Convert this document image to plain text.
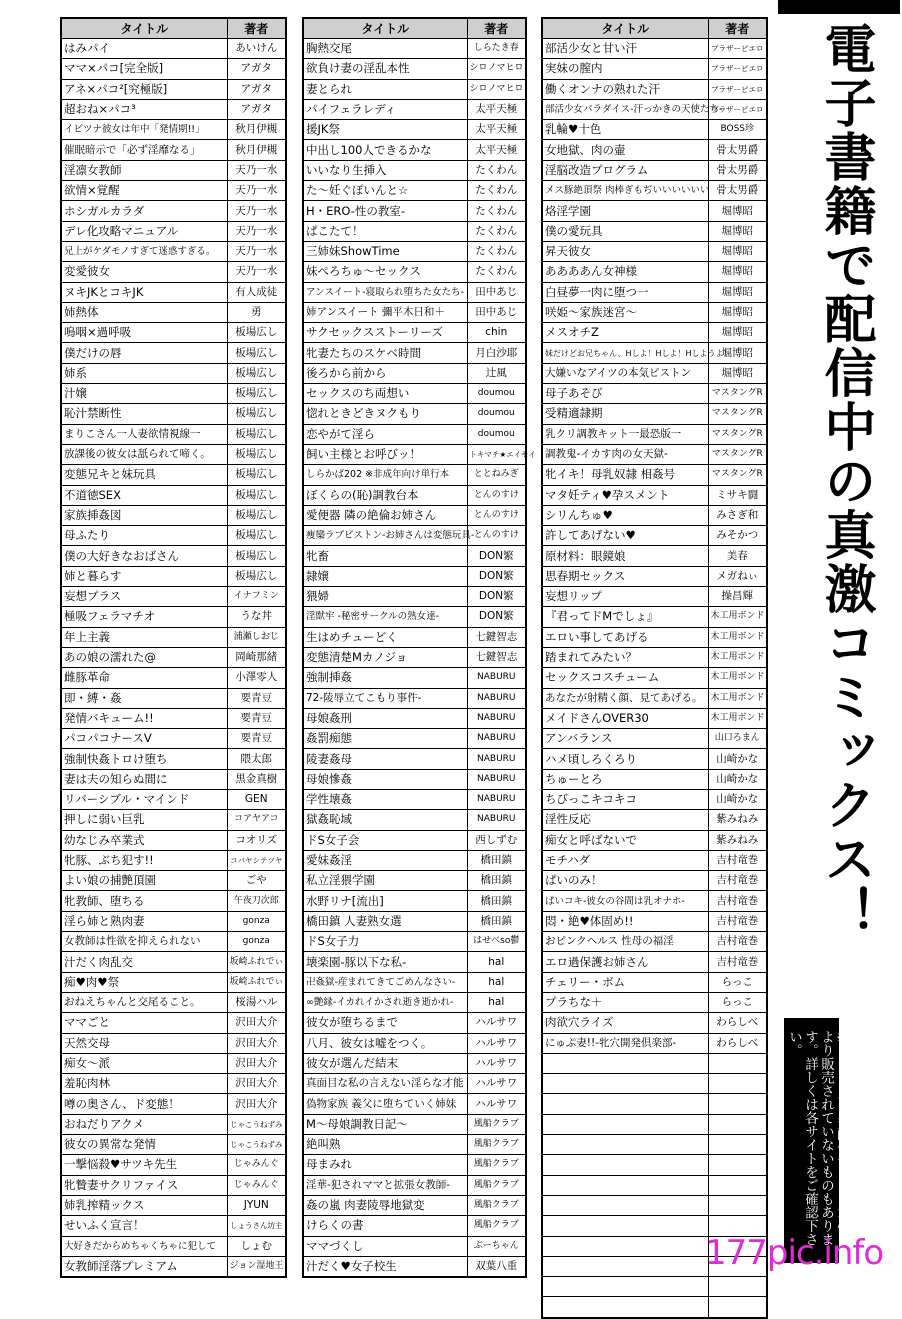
タイトル	著者
はみパイ	あいけん
ママ×パコ[完全版]	アガタ
アネ×パコ²[究極版]	アガタ
超おね×パコ³	アガタ
イビツナ彼女は年中「発情期!!」	秋月伊槻
催眠暗示で「必ず淫靡なる」	秋月伊槻
淫凛女教師	天乃一水
欲情×覚醒	天乃一水
ホシガルカラダ	天乃一水
デレ化攻略マニュアル	天乃一水
兄上がケダモノすぎて迷惑すぎる。	天乃一水
変愛彼女	天乃一水
ヌキJKとコキJK	有人成徒
姉熱体	勇
嗚咽×過呼吸	板場広し
僕だけの唇	板場広し
姉系	板場広し
汁嬢	板場広し
恥汁禁断性	板場広し
まりこさん一人妻欲情視線一	板場広し
放課後の彼女は舐られて啼く。	板場広し
変態兄キと妹玩具	板場広し
不道徳SEX	板場広し
家族挿姦図	板場広し
母ふたり	板場広し
僕の大好きなおばさん	板場広し
姉と暮らす	板場広し
妄想プラス	イナフミン
極吸フェラマチオ	うな丼
年上主義	浦瀬しおじ
あの娘の濡れた@	岡崎那緒
雌豚革命	小澤零人
即・縛・姦	要青豆
発情バキューム!!	要青豆
パコパコナースV	要青豆
強制快姦トロけ堕ち	隈太郎
妻は夫の知らぬ間に	黒金真樹
リバーシブル・マインド	GEN
押しに弱い巨乳	コアヤアコ
幼なじみ卒業式	コオリズ
牝豚、ぶち犯す!!	コバヤシテツヤ
よい娘の捕艶頂園	ごや
牝教師、堕ちる	午夜刀次郎
淫ら姉と熟肉妻	gonza
女教師は性欲を抑えられない	gonza
汁だく肉乱交	坂崎ふれでぃ
痴♥肉♥祭	坂崎ふれでぃ
おねえちゃんと交尾ること。	桜湯ハル
ママごと	沢田大介
天然交母	沢田大介
痴女～派	沢田大介
羞恥肉林	沢田大介
噂の奥さん、ド変態！	沢田大介
おねだりアクメ	じゃこうねずみ
彼女の異常な発情	じゃこうねずみ
一撃悩殺♥サツキ先生	じゃみんぐ
牝贄妻サクリファイス	じゃみんぐ
姉乳搾精ックス	JYUN
せいふく宣言！	しょうさん坊主
大好きだからめちゃくちゃに犯して	しょむ
女教師淫落プレミアム	ジョン湿地王
タイトル	著者
胸熱交尾	しらたき春
欲負け妻の淫乱本性	シロノマヒロ
妻とられ	シロノマヒロ
パイフェラレディ	太平天極
援JK祭	太平天極
中出し100人できるかな	太平天極
いいなり生挿入	たくわん
た～妊ぐぽいんと☆	たくわん
H・ERO-性の教室-	たくわん
ぱこたて！	たくわん
三姉妹ShowTime	たくわん
妹ぺろちゅ～セックス	たくわん
アンスイート-寝取られ堕ちた女たち-	田中あじ
姉アンスイート 彌平木日和＋	田中あじ
サクセックスストーリーズ	chin
牝妻たちのスケベ時間	月白沙耶
後ろから前から	辻風
セックスのち両想い	doumou
惚れときどきヌクもり	doumou
恋やがて淫ら	doumou
飼い主様とお呼びッ！	トキマチ★エイセイ
しらかば202 ※非成年向け単行本	ととねみぎ
ぼくらの(恥)調教台本	とんのすけ
愛便器 隣の絶倫お姉さん	とんのすけ
痩欒ラブビストン-お姉さんは変態玩具-	とんのすけ
牝畜	DON繁
隷嬢	DON繁
猥婦	DON繁
淫獣牢 -秘密サークルの熟女達-	DON繁
生はめチューどく	七鍵智志
変態清楚Mカノジョ	七鍵智志
強制挿姦	NABURU
72-陵辱立てこもり事件-	NABURU
母娘姦刑	NABURU
姦罰痴態	NABURU
陵妻姦母	NABURU
母娘慘姦	NABURU
学性壊姦	NABURU
獄姦恥域	NABURU
ドS女子会	西しずむ
愛妹姦淫	橋田鎮
私立淫猥学園	橋田鎮
水野リナ[流出]	橋田鎮
橋田鎮 人妻熟女選	橋田鎮
ドS女子力	はせべso鬱
壊楽園-豚以下な私-	hal
卍姦獄-産まれてきてごめんなさい-	hal
∞艶縁-イカれイかされ逝き逝かれ-	hal
彼女が堕ちるまで	ハルサワ
八月、彼女は嘘をつく。	ハルサワ
彼女が選んだ結末	ハルサワ
真面目な私の言えない淫らな才能	ハルサワ
偽物家族 義父に堕ちていく姉妹	ハルサワ
M～母娘調教日記～	風船クラブ
絶叫熟	風船クラブ
母まみれ	風船クラブ
淫華-犯されママと拡張女教師-	風船クラブ
姦の嵐 肉妻陵辱地獄変	風船クラブ
けらくの書	風船クラブ
ママづくし	ぶーちゃん
汁だく♥女子校生	双葉八重
タイトル	著者
部活少女と甘い汗	ブラザーピエロ
実妹の膣内	ブラザーピエロ
働くオンナの熟れた汗	ブラザーピエロ
部活少女パラダイス-汗っかきの天使たち-	ブラザーピエロ
乳輪♥十色	BOSS珍
女地獄、肉の壷	骨太男爵
淫脳改造プログラム	骨太男爵
メス豚絶頂祭 肉棒ぎもぢいいいいいい	骨太男爵
烙淫学園	堀博昭
僕の愛玩具	堀博昭
昇天彼女	堀博昭
ああああん女神様	堀博昭
白昼夢一肉に堕つ一	堀博昭
咲姫～家族迷宮～	堀博昭
メスオチZ	堀博昭
妹だけどお兄ちゃん、Hしよ！Hしよ！Hしようよ！	堀博昭
大嫌いなアイツの本気ピストン	堀博昭
母子あそび	マスタングR
受精適隷期	マスタングR
乳クリ調教キット一最恐版一	マスタングR
調教鬼-イカす肉の女天獄-	マスタングR
牝イキ！母乳奴隷 相姦号	マスタングR
マタ妊ティ♥孕スメント	ミサキ闘
シリんちゅ♥	みさぎ和
許してあげない♥	みそかつ
原材料：眼鏡娘	美春
思春期セックス	メガねぃ
妄想リップ	操昌輝
『君ってドMでしょ』	木工用ボンド
エロい事してあげる	木工用ボンド
踏まれてみたい？	木工用ボンド
セックスコスチューム	木工用ボンド
あなたが射精く顔、見てあげる。	木工用ボンド
メイドさんOVER30	木工用ボンド
アンバランス	山口ろまん
ハメ頃しろくろり	山崎かな
ちゅーとろ	山崎かな
ちびっこキコキコ	山崎かな
淫性反応	紫みねみ
痴女と呼ばないで	紫みねみ
モチハダ	吉村竜巻
ぱいのみ！	吉村竜巻
ぱいコキ-彼女の谷間は乳オナホ-	吉村竜巻
悶・絶♥体固め!!	吉村竜巻
おピンクヘルス 性母の福淫	吉村竜巻
エロ過保護お姉さん	吉村竜巻
チェリー・ボム	らっこ
プラちな＋	らっこ
肉欲穴ライズ	わらしべ
にゅぷ妻!!-牝穴開発倶楽部-	わらしべ

電子書籍で配信中の真激コミックス！
※タイトルは各配信サイトの事情により販売されていないものもあります。詳しくは各サイトをご確認下さい。
177pic.info
